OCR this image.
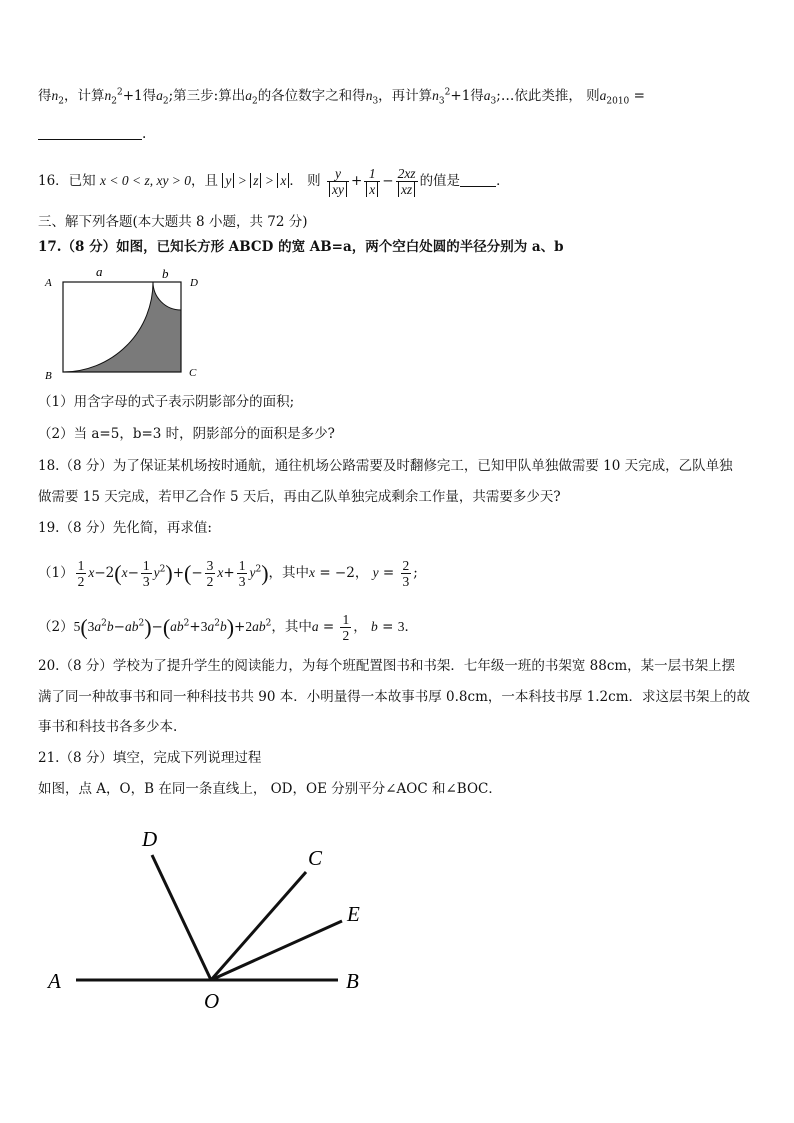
得$n_2$，计算$n_2^2+1$得$a_2$;第三步:算出$a_2$的各位数字之和得$n_3$，再计算$n_3^2+1$得$a_3;\dots$依此类推， 则$a_{2010}$ =
.
16．已知 x < 0 < z, xy > 0，且 y > z > x ． 则 $\frac{y}{xy} + \frac{1}{x} - \frac{2xz}{xz}$ 的值是	．
三、解下列各题(本大题共 8 小题，共 72 分)
17.（8 分）如图，已知长方形 ABCD 的宽 AB=a，两个空白处圆的半径分别为 a、b
A
B	C
D
a	b
（1）用含字母的式子表示阴影部分的面积;
（2）当 a=5，b=3 时，阴影部分的面积是多少?
18.（8 分）为了保证某机场按时通航，通往机场公路需要及时翻修完工，已知甲队单独做需要 10 天完成，乙队单独
做需要 15 天完成，若甲乙合作 5 天后，再由乙队单独完成剩余工作量，共需要多少天?
19.（8 分）先化简，再求值:
$(1) \frac{1}{2} x-2(x- \frac{1}{3} y^2)+(- \frac{3}{2} x+ \frac{1}{3} y^2)$，其中x = −2， $y = \frac{2}{3}$ ;
$(2)5(3a^2b-ab^2)-(ab^2+3a^2b)+2ab^2$，其中$a = \frac{1}{2}$ ， b = 3．
20.（8 分）学校为了提升学生的阅读能力，为每个班配置图书和书架．七年级一班的书架宽 88cm，某一层书架上摆
满了同一种故事书和同一种科技书共 90 本．小明量得一本故事书厚 0.8cm，一本科技书厚 1.2cm．求这层书架上的故
事书和科技书各多少本.
21.（8 分）填空，完成下列说理过程
如图，点 A，O，B 在同一条直线上， OD，OE 分别平分∠AOC 和∠BOC．
A	B
C
D
E
O
